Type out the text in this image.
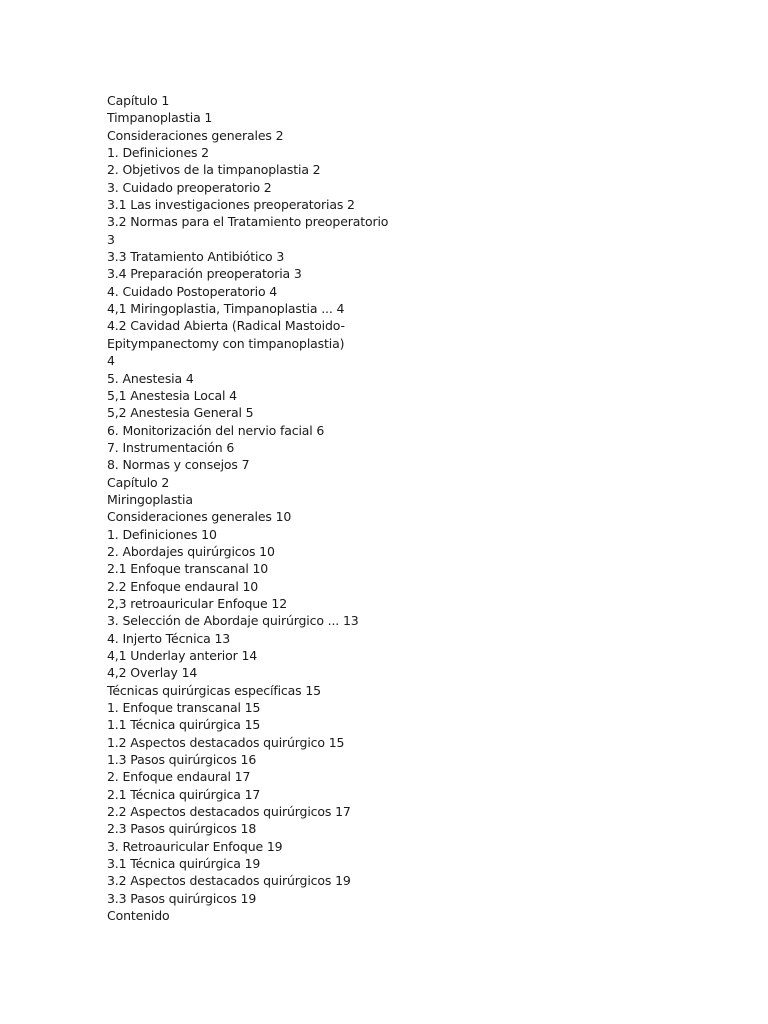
Capítulo 1
Timpanoplastia 1
Consideraciones generales 2
1. Definiciones 2
2. Objetivos de la timpanoplastia 2
3. Cuidado preoperatorio 2
3.1 Las investigaciones preoperatorias 2
3.2 Normas para el Tratamiento preoperatorio
3
3.3 Tratamiento Antibiótico 3
3.4 Preparación preoperatoria 3
4. Cuidado Postoperatorio 4
4,1 Miringoplastia, Timpanoplastia ... 4
4.2 Cavidad Abierta (Radical Mastoido-
Epitympanectomy con timpanoplastia)
4
5. Anestesia 4
5,1 Anestesia Local 4
5,2 Anestesia General 5
6. Monitorización del nervio facial 6
7. Instrumentación 6
8. Normas y consejos 7
Capítulo 2
Miringoplastia
Consideraciones generales 10
1. Definiciones 10
2. Abordajes quirúrgicos 10
2.1 Enfoque transcanal 10
2.2 Enfoque endaural 10
2,3 retroauricular Enfoque 12
3. Selección de Abordaje quirúrgico ... 13
4. Injerto Técnica 13
4,1 Underlay anterior 14
4,2 Overlay 14
Técnicas quirúrgicas específicas 15
1. Enfoque transcanal 15
1.1 Técnica quirúrgica 15
1.2 Aspectos destacados quirúrgico 15
1.3 Pasos quirúrgicos 16
2. Enfoque endaural 17
2.1 Técnica quirúrgica 17
2.2 Aspectos destacados quirúrgicos 17
2.3 Pasos quirúrgicos 18
3. Retroauricular Enfoque 19
3.1 Técnica quirúrgica 19
3.2 Aspectos destacados quirúrgicos 19
3.3 Pasos quirúrgicos 19
Contenido
